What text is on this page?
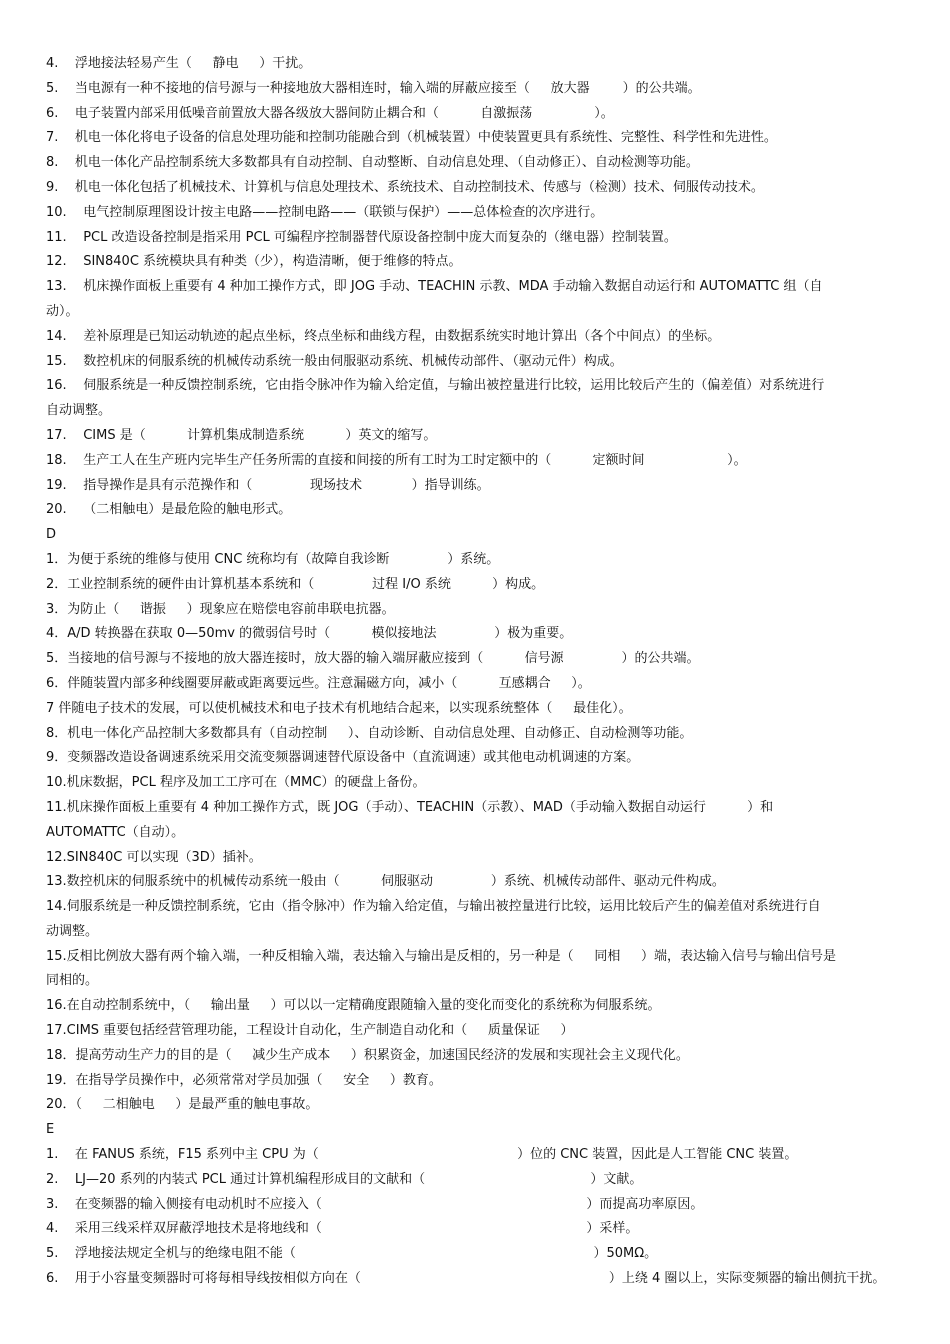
4.    浮地接法轻易产生（     静电     ）干扰。
5.    当电源有一种不接地的信号源与一种接地放大器相连时，输入端的屏蔽应接至（     放大器        ）的公共端。
6.    电子装置内部采用低噪音前置放大器各级放大器间防止耦合和（          自激振荡               ）。
7.    机电一体化将电子设备的信息处理功能和控制功能融合到（机械装置）中使装置更具有系统性、完整性、科学性和先进性。
8.    机电一体化产品控制系统大多数都具有自动控制、自动整断、自动信息处理、（自动修正）、自动检测等功能。
9.    机电一体化包括了机械技术、计算机与信息处理技术、系统技术、自动控制技术、传感与（检测）技术、伺服传动技术。
10.    电气控制原理图设计按主电路——控制电路——（联锁与保护）——总体检查的次序进行。
11.    PCL 改造设备控制是指采用 PCL 可编程序控制器替代原设备控制中庞大而复杂的（继电器）控制装置。
12.    SIN840C 系统模块具有种类（少），构造清晰，便于维修的特点。
13.    机床操作面板上重要有 4 种加工操作方式，即 JOG 手动、TEACHIN 示教、MDA 手动输入数据自动运行和 AUTOMATTC 组（自
动）。
14.    差补原理是已知运动轨迹的起点坐标，终点坐标和曲线方程，由数据系统实时地计算出（各个中间点）的坐标。
15.    数控机床的伺服系统的机械传动系统一般由伺服驱动系统、机械传动部件、（驱动元件）构成。
16.    伺服系统是一种反馈控制系统，它由指令脉冲作为输入给定值，与输出被控量进行比较，运用比较后产生的（偏差值）对系统进行
自动调整。
17.    CIMS 是（          计算机集成制造系统          ）英文的缩写。
18.    生产工人在生产班内完毕生产任务所需的直接和间接的所有工时为工时定额中的（          定额时间                    ）。
19.    指导操作是具有示范操作和（              现场技术            ）指导训练。
20.    （二相触电）是最危险的触电形式。
D
1．为便于系统的维修与使用 CNC 统称均有（故障自我诊断              ）系统。
2．工业控制系统的硬件由计算机基本系统和（              过程 I/O 系统          ）构成。
3．为防止（     谐振     ）现象应在赔偿电容前串联电抗器。
4．A/D 转换器在获取 0—50mv 的微弱信号时（          模似接地法              ）极为重要。
5．当接地的信号源与不接地的放大器连接时，放大器的输入端屏蔽应接到（          信号源              ）的公共端。
6．伴随装置内部多种线圈要屏蔽或距离要远些。注意漏磁方向，减小（          互感耦合     ）。
7 伴随电子技术的发展，可以使机械技术和电子技术有机地结合起来，以实现系统整体（     最佳化）。
8．机电一体化产品控制大多数都具有（自动控制     ）、自动诊断、自动信息处理、自动修正、自动检测等功能。
9．变频器改造设备调速系统采用交流变频器调速替代原设备中（直流调速）或其他电动机调速的方案。
10.机床数据，PCL 程序及加工工序可在（MMC）的硬盘上备份。
11.机床操作面板上重要有 4 种加工操作方式，既 JOG（手动）、TEACHIN（示教）、MAD（手动输入数据自动运行          ）和
AUTOMATTC（自动）。
12.SIN840C 可以实现（3D）插补。
13.数控机床的伺服系统中的机械传动系统一般由（          伺服驱动              ）系统、机械传动部件、驱动元件构成。
14.伺服系统是一种反馈控制系统，它由（指令脉冲）作为输入给定值，与输出被控量进行比较，运用比较后产生的偏差值对系统进行自
动调整。
15.反相比例放大器有两个输入端，一种反相输入端，表达输入与输出是反相的，另一种是（     同相     ）端，表达输入信号与输出信号是
同相的。
16.在自动控制系统中，（     输出量     ）可以以一定精确度跟随输入量的变化而变化的系统称为伺服系统。
17.CIMS 重要包括经营管理功能，工程设计自动化，生产制造自动化和（     质量保证     ）
18．提高劳动生产力的目的是（     减少生产成本     ）积累资金，加速国民经济的发展和实现社会主义现代化。
19．在指导学员操作中，必须常常对学员加强（     安全     ）教育。
20．（     二相触电     ）是最严重的触电事故。
E
1.    在 FANUS 系统，F15 系列中主 CPU 为（                                                ）位的 CNC 装置，因此是人工智能 CNC 装置。
2.    LJ—20 系列的内装式 PCL 通过计算机编程形成目的文献和（                                        ）文献。
3.    在变频器的输入侧接有电动机时不应接入（                                                                ）而提高功率原因。
4.    采用三线采样双屏蔽浮地技术是将地线和（                                                                ）采样。
5.    浮地接法规定全机与的绝缘电阻不能（                                                                        ）50MΩ。
6.    用于小容量变频器时可将每相导线按相似方向在（                                                            ）上绕 4 圈以上，实际变频器的输出侧抗干扰。
